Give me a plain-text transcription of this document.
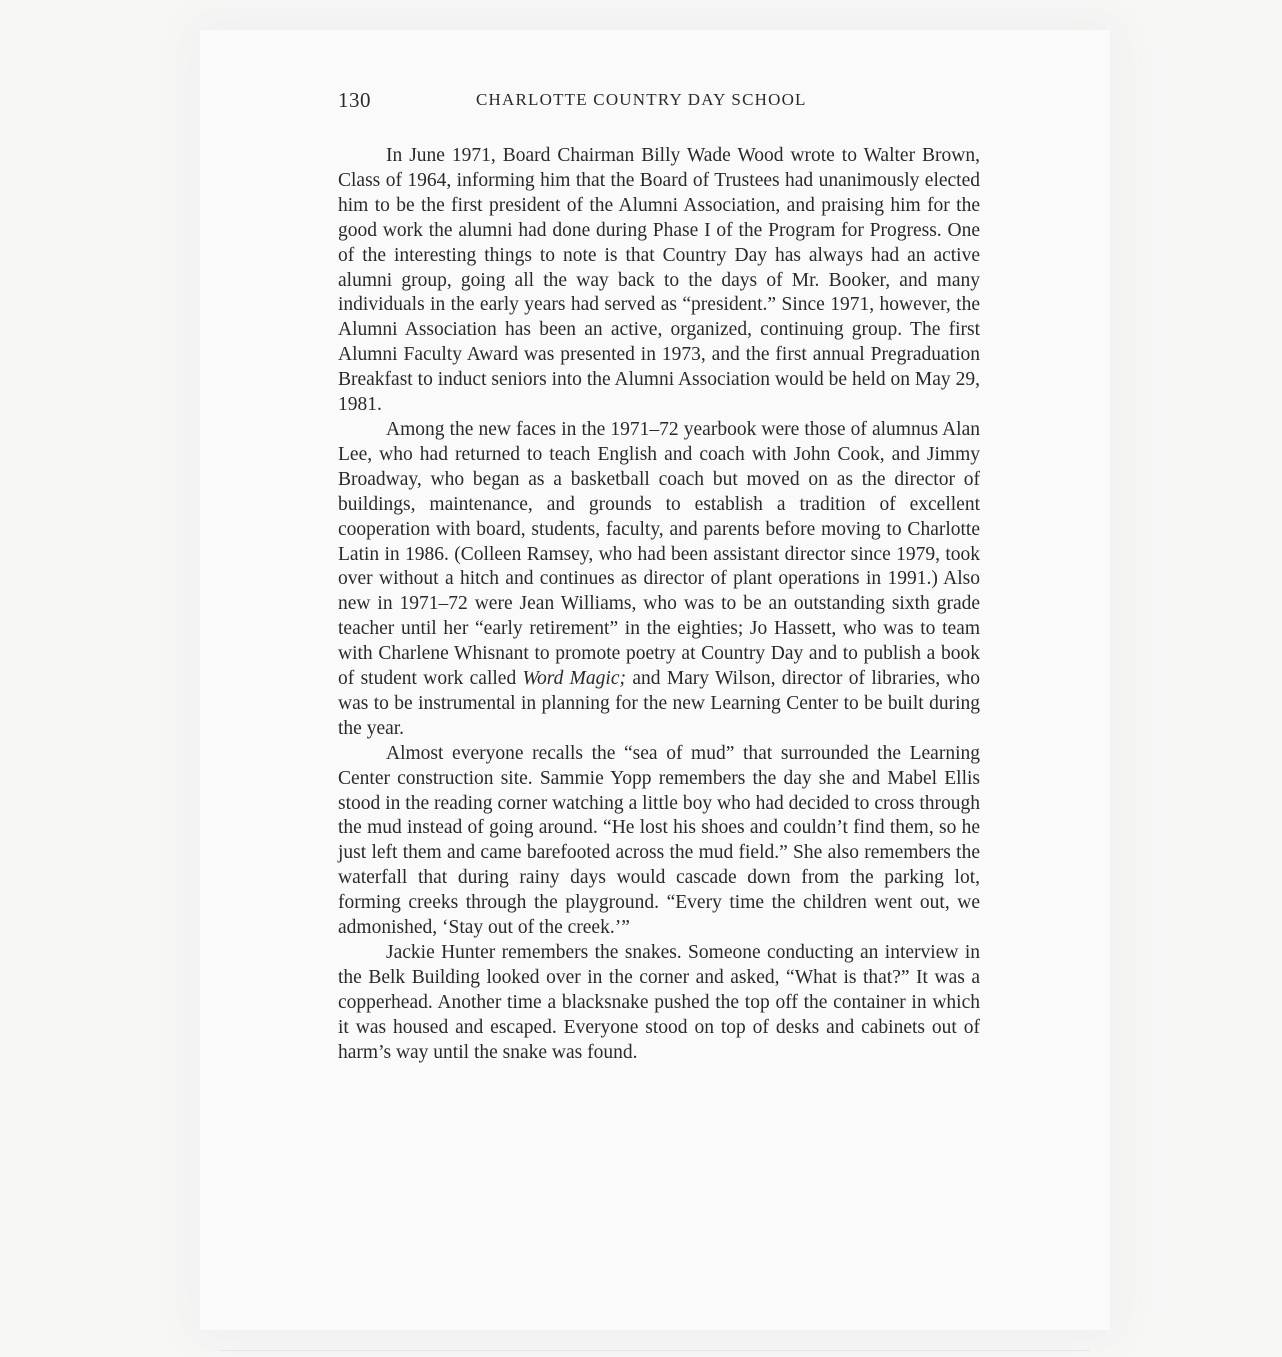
130	CHARLOTTE COUNTRY DAY SCHOOL

In June 1971, Board Chairman Billy Wade Wood wrote to Walter Brown, Class of 1964, informing him that the Board of Trustees had unanimously elected him to be the first president of the Alumni Association, and praising him for the good work the alumni had done during Phase I of the Program for Progress. One of the interesting things to note is that Country Day has always had an active alumni group, going all the way back to the days of Mr. Booker, and many individuals in the early years had served as “president.” Since 1971, however, the Alumni Association has been an active, organized, continuing group. The first Alumni Faculty Award was presented in 1973, and the first annual Pregraduation Breakfast to induct seniors into the Alumni Association would be held on May 29, 1981.

Among the new faces in the 1971–72 yearbook were those of alumnus Alan Lee, who had returned to teach English and coach with John Cook, and Jimmy Broadway, who began as a basketball coach but moved on as the director of buildings, maintenance, and grounds to establish a tradition of excellent cooperation with board, students, faculty, and parents before moving to Charlotte Latin in 1986. (Colleen Ramsey, who had been assistant director since 1979, took over without a hitch and continues as director of plant operations in 1991.) Also new in 1971–72 were Jean Williams, who was to be an outstanding sixth grade teacher until her “early retirement” in the eighties; Jo Hassett, who was to team with Charlene Whisnant to promote poetry at Country Day and to publish a book of student work called Word Magic; and Mary Wilson, director of libraries, who was to be instrumental in planning for the new Learning Center to be built during the year.

Almost everyone recalls the “sea of mud” that surrounded the Learning Center construction site. Sammie Yopp remembers the day she and Mabel Ellis stood in the reading corner watching a little boy who had decided to cross through the mud instead of going around. “He lost his shoes and couldn’t find them, so he just left them and came barefooted across the mud field.” She also remembers the waterfall that during rainy days would cascade down from the parking lot, forming creeks through the playground. “Every time the children went out, we admonished, ‘Stay out of the creek.’”

Jackie Hunter remembers the snakes. Someone conducting an interview in the Belk Building looked over in the corner and asked, “What is that?” It was a copperhead. Another time a blacksnake pushed the top off the container in which it was housed and escaped. Everyone stood on top of desks and cabinets out of harm’s way until the snake was found.
